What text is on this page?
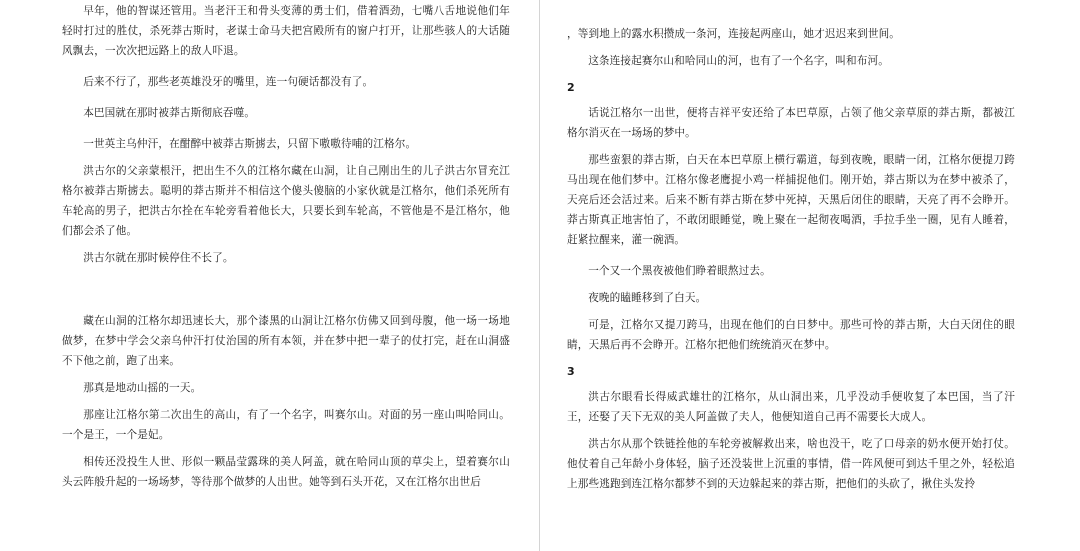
早年，他的智谋还管用。当老汗王和骨头变薄的勇士们，借着酒劲，七嘴八舌地说他们年轻时打过的胜仗，杀死莽古斯时，老谋士命马夫把宫殿所有的窗户打开，让那些骇人的大话随风飘去，一次次把远路上的敌人吓退。

后来不行了，那些老英雄没牙的嘴里，连一句硬话都没有了。

本巴国就在那时被莽古斯彻底吞噬。

一世英主乌仲汗，在酣醉中被莽古斯掳去，只留下嗷嗷待哺的江格尔。

洪古尔的父亲蒙根汗，把出生不久的江格尔藏在山洞，让自己刚出生的儿子洪古尔冒充江格尔被莽古斯掳去。聪明的莽古斯并不相信这个傻头傻脑的小家伙就是江格尔，他们杀死所有车轮高的男子，把洪古尔拴在车轮旁看着他长大，只要长到车轮高，不管他是不是江格尔，他们都会杀了他。

洪古尔就在那时候停住不长了。

藏在山洞的江格尔却迅速长大，那个漆黑的山洞让江格尔仿佛又回到母腹，他一场一场地做梦，在梦中学会父亲乌仲汗打仗治国的所有本领，并在梦中把一辈子的仗打完，赶在山洞盛不下他之前，跑了出来。

那真是地动山摇的一天。

那座让江格尔第二次出生的高山，有了一个名字，叫赛尔山。对面的另一座山叫哈同山。一个是王，一个是妃。

相传还没投生人世、形似一颗晶莹露珠的美人阿盖，就在哈同山顶的草尖上，望着赛尔山头云阵般升起的一场场梦，等待那个做梦的人出世。她等到石头开花，又在江格尔出世后

，等到地上的露水积攒成一条河，连接起两座山，她才迟迟来到世间。

这条连接起赛尔山和哈同山的河，也有了一个名字，叫和布河。

2

话说江格尔一出世，便将吉祥平安还给了本巴草原，占领了他父亲草原的莽古斯，都被江格尔消灭在一场场的梦中。

那些蛮狠的莽古斯，白天在本巴草原上横行霸道，每到夜晚，眼睛一闭，江格尔便提刀跨马出现在他们梦中。江格尔像老鹰捉小鸡一样捕捉他们。刚开始，莽古斯以为在梦中被杀了，天亮后还会活过来。后来不断有莽古斯在梦中死掉，天黑后闭住的眼睛，天亮了再不会睁开。莽古斯真正地害怕了，不敢闭眼睡觉，晚上聚在一起彻夜喝酒，手拉手坐一圈，见有人睡着，赶紧拉醒来，灌一碗酒。

一个又一个黑夜被他们睁着眼熬过去。

夜晚的瞌睡移到了白天。

可是，江格尔又提刀跨马，出现在他们的白日梦中。那些可怜的莽古斯，大白天闭住的眼睛，天黑后再不会睁开。江格尔把他们统统消灭在梦中。

3

洪古尔眼看长得威武雄壮的江格尔，从山洞出来，几乎没动手便收复了本巴国，当了汗王，还娶了天下无双的美人阿盖做了夫人，他便知道自己再不需要长大成人。

洪古尔从那个铁链拴他的车轮旁被解救出来，啥也没干，吃了口母亲的奶水便开始打仗。他仗着自己年龄小身体轻，脑子还没装世上沉重的事情，借一阵风便可到达千里之外，轻松追上那些逃跑到连江格尔都梦不到的天边躲起来的莽古斯，把他们的头砍了，揪住头发拎
